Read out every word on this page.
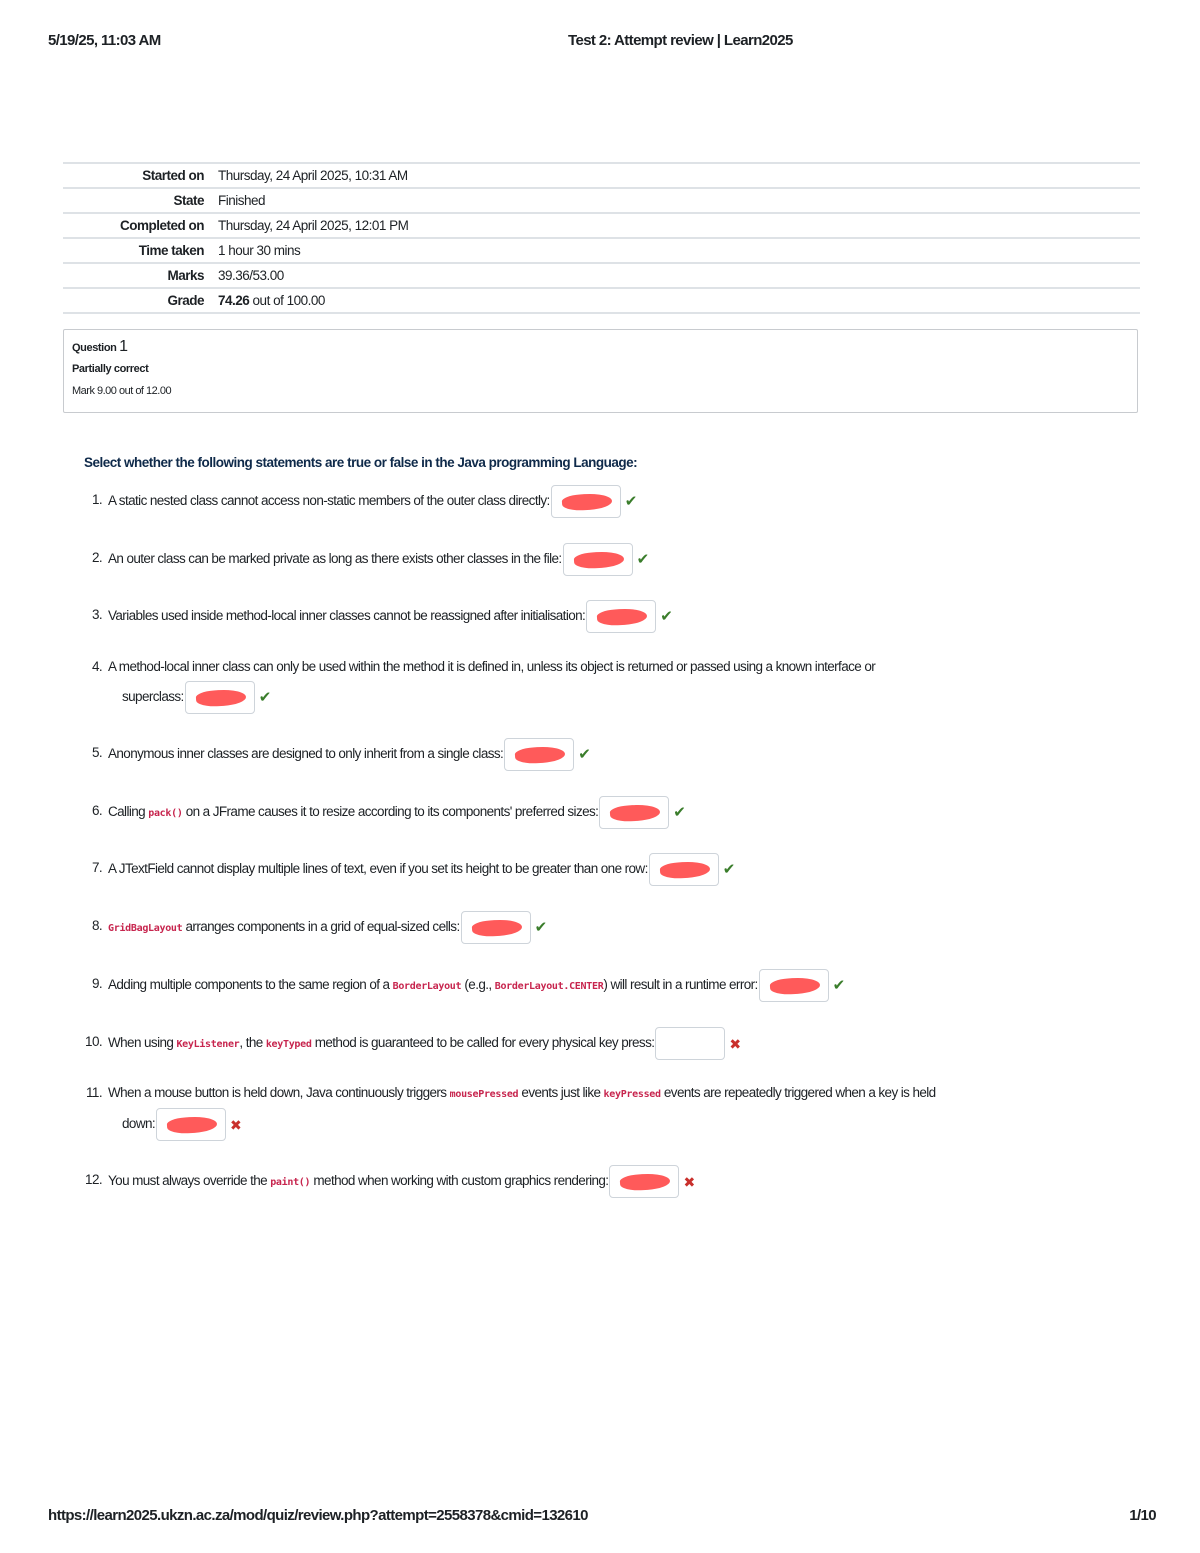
5/19/25, 11:03 AM	Test 2: Attempt review | Learn2025
Started on	Thursday, 24 April 2025, 10:31 AM
State	Finished
Completed on	Thursday, 24 April 2025, 12:01 PM
Time taken	1 hour 30 mins
Marks	39.36/53.00
Grade	74.26 out of 100.00
Question 1
Partially correct
Mark 9.00 out of 12.00
Select whether the following statements are true or false in the Java programming Language:
1. A static nested class cannot access non-static members of the outer class directly:	✔
2. An outer class can be marked private as long as there exists other classes in the file:	✔
3. Variables used inside method-local inner classes cannot be reassigned after initialisation:	✔
4. A method-local inner class can only be used within the method it is defined in, unless its object is returned or passed using a known interface or
superclass:	✔
5. Anonymous inner classes are designed to only inherit from a single class:	✔
6. Calling pack() on a JFrame causes it to resize according to its components' preferred sizes:	✔
7. A JTextField cannot display multiple lines of text, even if you set its height to be greater than one row:	✔
8. GridBagLayout arranges components in a grid of equal-sized cells:	✔
9. Adding multiple components to the same region of a BorderLayout (e.g., BorderLayout.CENTER) will result in a runtime error:	✔
10. When using KeyListener, the keyTyped method is guaranteed to be called for every physical key press:	✖
11. When a mouse button is held down, Java continuously triggers mousePressed events just like keyPressed events are repeatedly triggered when a key is held
down:	✖
12. You must always override the paint() method when working with custom graphics rendering:	✖
https://learn2025.ukzn.ac.za/mod/quiz/review.php?attempt=2558378&cmid=132610	1/10
